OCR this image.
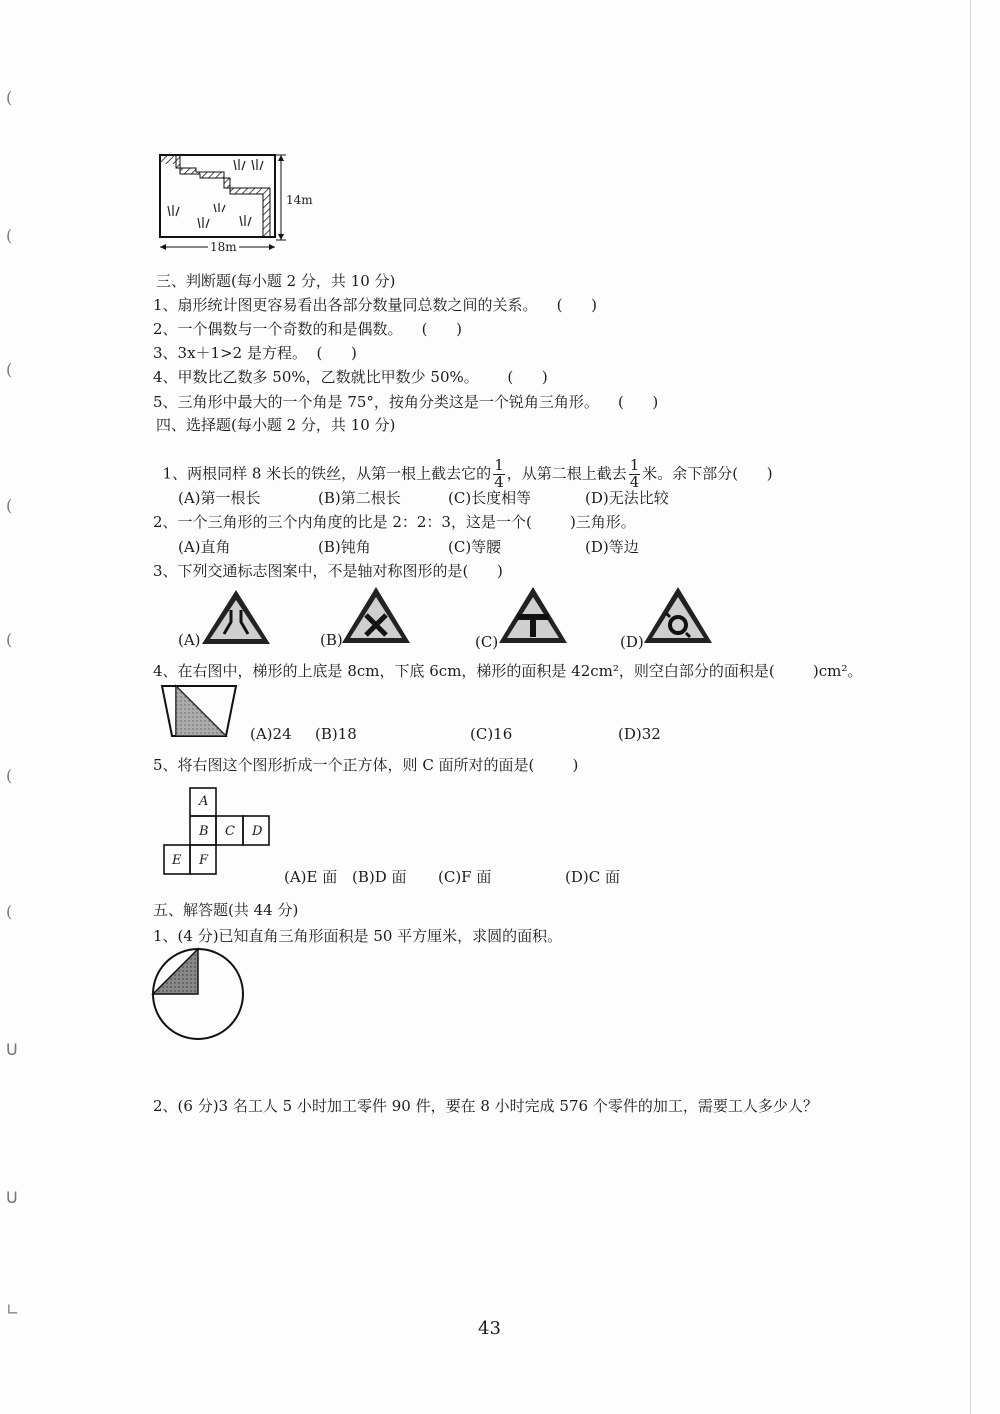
(
(
(
(
(
(
(
ᑌ
ᑌ
∟
14m
18m
三、判断题(每小题 2 分，共 10 分)
1、扇形统计图更容易看出各部分数量同总数之间的关系。    (      )
2、一个偶数与一个奇数的和是偶数。    (      )
3、3x＋1>2 是方程。  (      )
4、甲数比乙数多 50%，乙数就比甲数少 50%。      (      )
5、三角形中最大的一个角是 75°，按角分类这是一个锐角三角形。    (      )
四、选择题(每小题 2 分，共 10 分)

1、两根同样 8 米长的铁丝，从第一根上截去它的 $\frac{1}{4}$ ，从第二根上截去 $\frac{1}{4}$ 米。余下部分(      )

(A)第一根长	(B)第二根长	(C)长度相等	(D)无法比较
2、一个三角形的三个内角度的比是 2：2：3，这是一个(        )三角形。
(A)直角	(B)钝角	(C)等腰	(D)等边
3、下列交通标志图案中，不是轴对称图形的是(      )
(A)	(B)	(C)	(D)
4、在右图中，梯形的上底是 8cm，下底 6cm，梯形的面积是 42cm²，则空白部分的面积是(        )cm²。
(A)24 (B)18	(C)16	(D)32
5、将右图这个图形折成一个正方体，则 C 面所对的面是(        )
A
B C D
E F
(A)E 面 (B)D 面 (C)F 面	(D)C 面
五、解答题(共 44 分)
1、(4 分)已知直角三角形面积是 50 平方厘米，求圆的面积。
2、(6 分)3 名工人 5 小时加工零件 90 件，要在 8 小时完成 576 个零件的加工，需要工人多少人？
43
